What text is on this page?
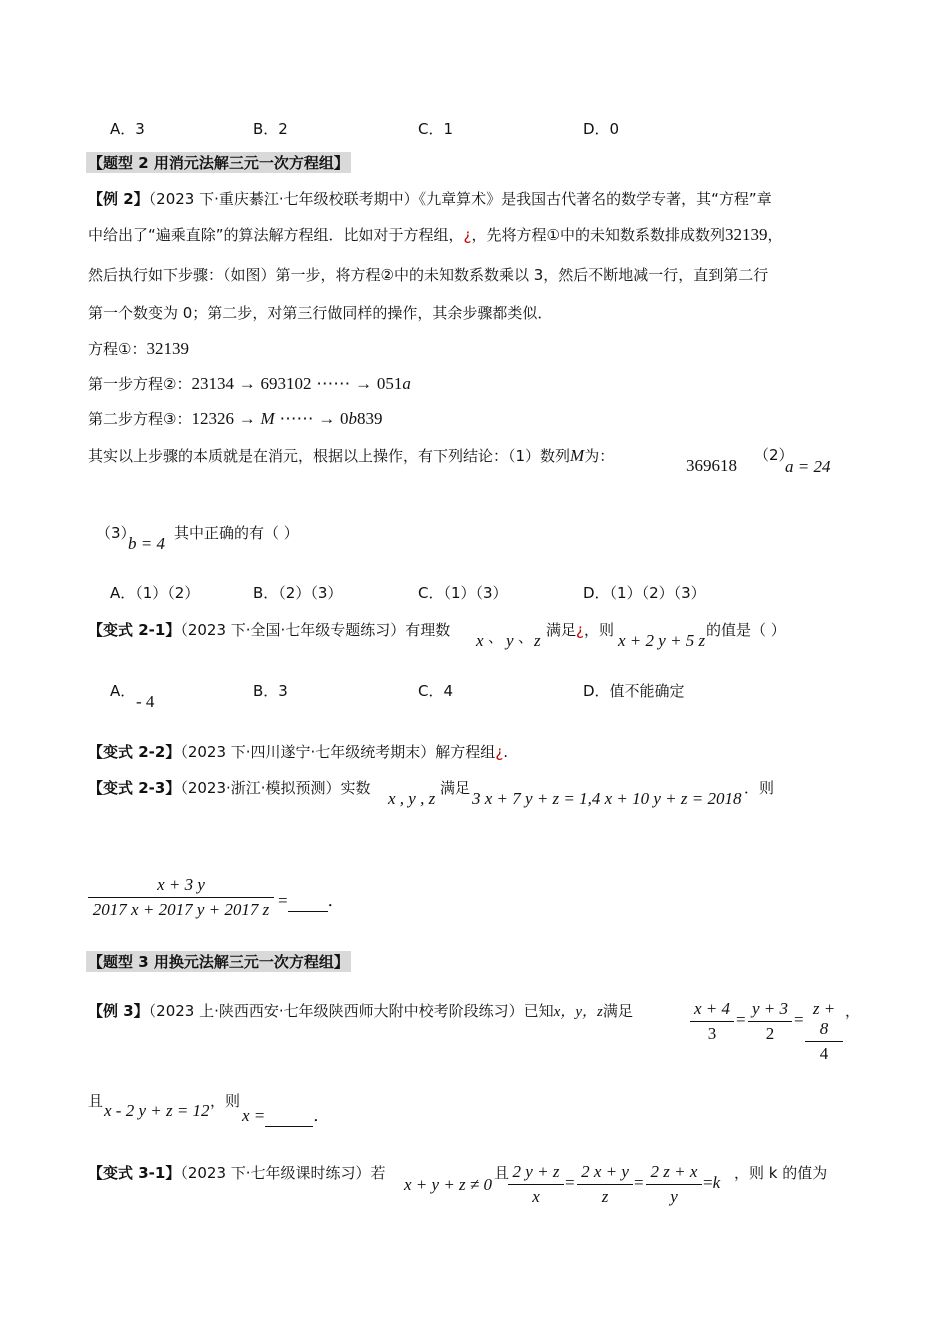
A．3	B．2	C．1	D．0
【题型 2 用消元法解三元一次方程组】
【例 2】（2023 下·重庆綦江·七年级校联考期中）《九章算术》是我国古代著名的数学专著，其“方程”章
中给出了“遍乘直除”的算法解方程组．比如对于方程组，¿，先将方程①中的未知数系数排成数列32139，
然后执行如下步骤：（如图）第一步，将方程②中的未知数系数乘以 3，然后不断地减一行，直到第二行
第一个数变为 0；第二步，对第三行做同样的操作，其余步骤都类似．
方程①：32139
第一步方程②：23134 → 693102 ⋯⋯ → 051a
第二步方程③：12326 → M ⋯⋯ → 0b839
其实以上步骤的本质就是在消元，根据以上操作，有下列结论：（1）数列M为：	369618
（2）
a = 24
（3）
b = 4
其中正确的有（ ）
A．（1）（2）	B．（2）（3）	C．（1）（3）	D．（1）（2）（3）
【变式 2-1】（2023 下·全国·七年级专题练习）有理数
x 、 y 、 z
满足¿，则
x + 2 y + 5 z
的值是（ ）
A．
- 4
B．3	C．4	D．值不能确定
【变式 2-2】（2023 下·四川遂宁·七年级统考期末）解方程组¿.
【变式 2-3】（2023·浙江·模拟预测）实数
x , y , z
满足
3 x + 7 y + z = 1,4 x + 10 y + z = 2018
．则
$\frac{x + 3 y}{2017 x + 2017 y + 2017 z}$ = ．
【题型 3 用换元法解三元一次方程组】
【例 3】（2023 上·陕西西安·七年级陕西师大附中校考阶段练习）已知x，y，z满足	$\frac{x + 4}{3} = \frac{y + 3}{2} = \frac{z + 8}{4}$ ，
且 x - 2 y + z = 12 ，则
x =	．
【变式 3-1】（2023 下·七年级课时练习）若
x + y + z ≠ 0
且
$\frac{2 y + z}{x} = \frac{2 x + y}{z} = \frac{2 z + x}{y} =k$ ，则 k 的值为
